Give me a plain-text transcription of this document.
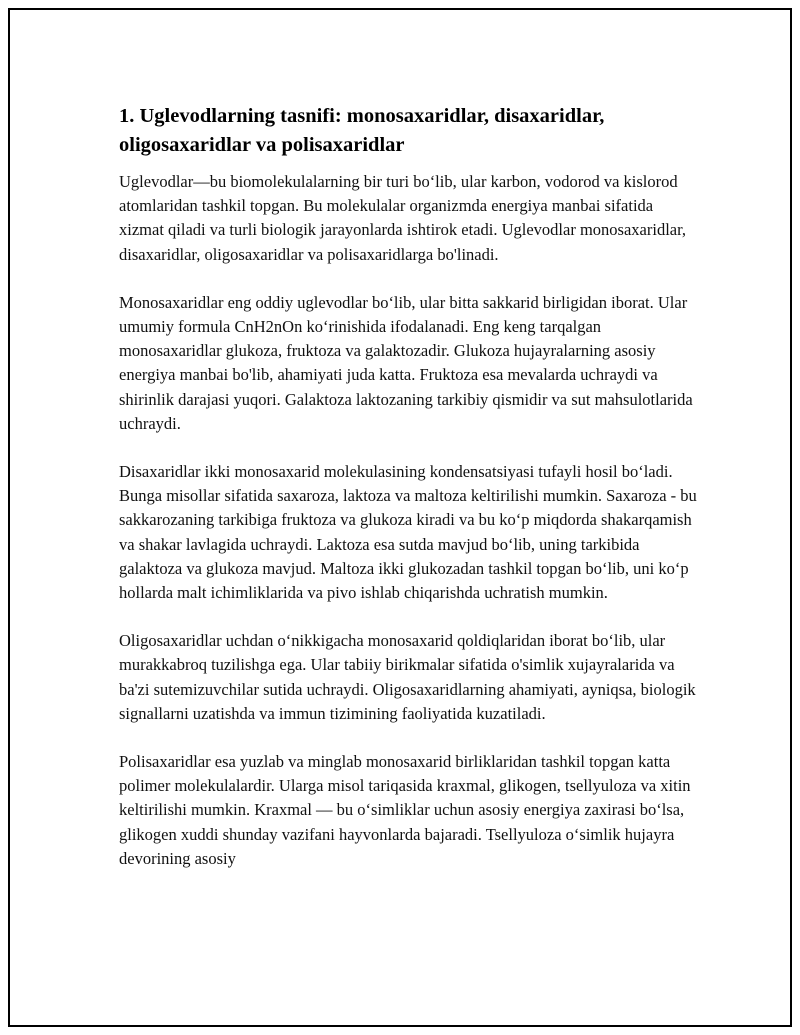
1. Uglevodlarning tasnifi: monosaxaridlar, disaxaridlar, oligosaxaridlar va polisaxaridlar

Uglevodlar—bu biomolekulalarning bir turi bo‘lib, ular karbon, vodorod va kislorod atomlaridan tashkil topgan. Bu molekulalar organizmda energiya manbai sifatida xizmat qiladi va turli biologik jarayonlarda ishtirok etadi. Uglevodlar monosaxaridlar, disaxaridlar, oligosaxaridlar va polisaxaridlarga bo'linadi.

Monosaxaridlar eng oddiy uglevodlar bo‘lib, ular bitta sakkarid birligidan iborat. Ular umumiy formula CnH2nOn ko‘rinishida ifodalanadi. Eng keng tarqalgan monosaxaridlar glukoza, fruktoza va galaktozadir. Glukoza hujayralarning asosiy energiya manbai bo'lib, ahamiyati juda katta. Fruktoza esa mevalarda uchraydi va shirinlik darajasi yuqori. Galaktoza laktozaning tarkibiy qismidir va sut mahsulotlarida uchraydi.

Disaxaridlar ikki monosaxarid molekulasining kondensatsiyasi tufayli hosil bo‘ladi. Bunga misollar sifatida saxaroza, laktoza va maltoza keltirilishi mumkin. Saxaroza - bu sakkarozaning tarkibiga fruktoza va glukoza kiradi va bu ko‘p miqdorda shakarqamish va shakar lavlagida uchraydi. Laktoza esa sutda mavjud bo‘lib, uning tarkibida galaktoza va glukoza mavjud. Maltoza ikki glukozadan tashkil topgan bo‘lib, uni ko‘p hollarda malt ichimliklarida va pivo ishlab chiqarishda uchratish mumkin.

Oligosaxaridlar uchdan o‘nikkigacha monosaxarid qoldiqlaridan iborat bo‘lib, ular murakkabroq tuzilishga ega. Ular tabiiy birikmalar sifatida o'simlik xujayralarida va ba'zi sutemizuvchilar sutida uchraydi. Oligosaxaridlarning ahamiyati, ayniqsa, biologik signallarni uzatishda va immun tizimining faoliyatida kuzatiladi.

Polisaxaridlar esa yuzlab va minglab monosaxarid birliklaridan tashkil topgan katta polimer molekulalardir. Ularga misol tariqasida kraxmal, glikogen, tsellyuloza va xitin keltirilishi mumkin. Kraxmal — bu o‘simliklar uchun asosiy energiya zaxirasi bo‘lsa, glikogen xuddi shunday vazifani hayvonlarda bajaradi. Tsellyuloza o‘simlik hujayra devorining asosiy
